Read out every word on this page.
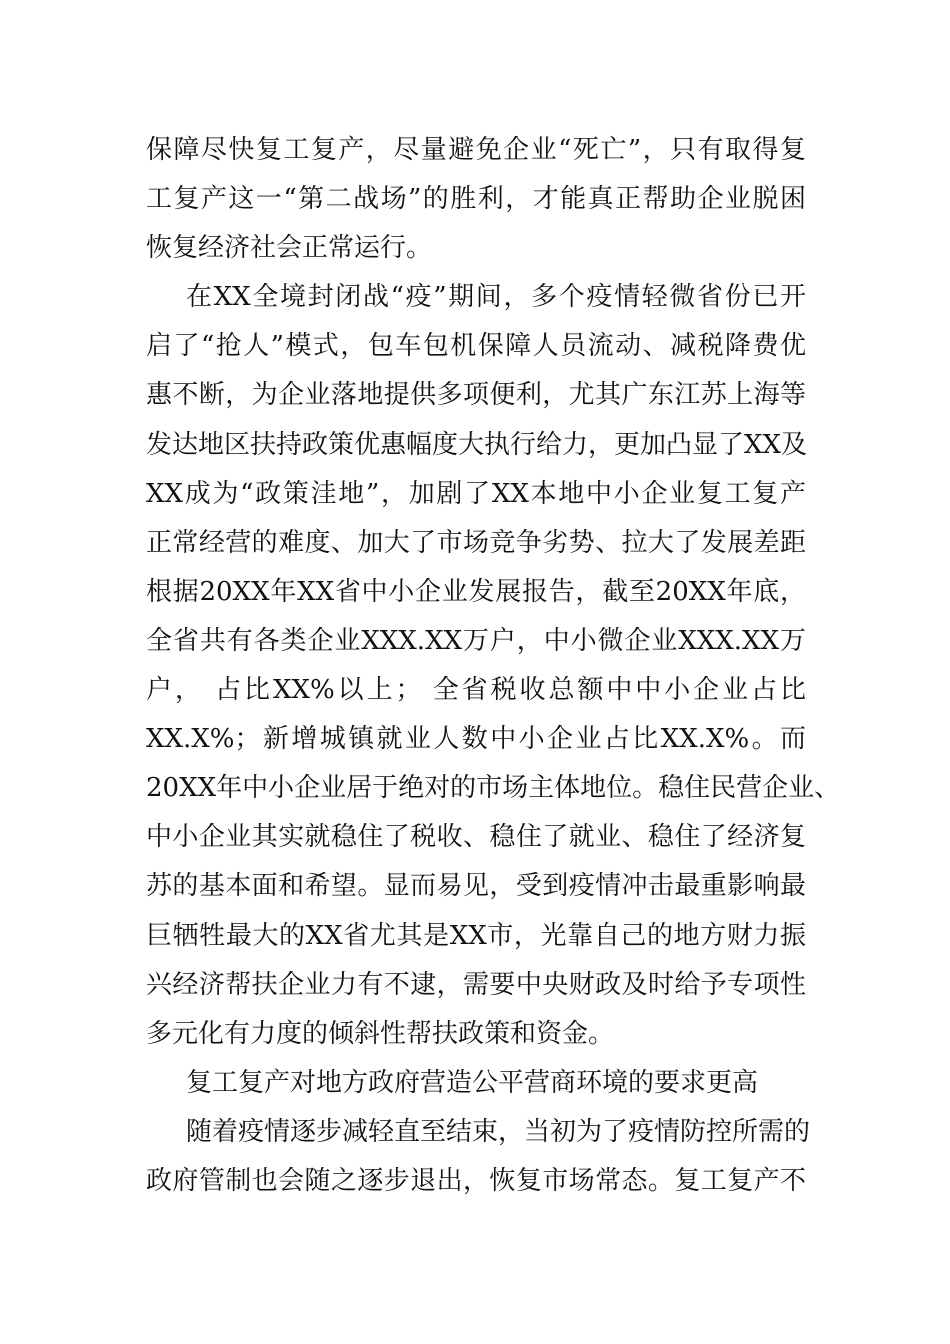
保障尽快复工复产，尽量避免企业“死亡”，只有取得复
工复产这一“第二战场”的胜利，才能真正帮助企业脱困
恢复经济社会正常运行。
在XX全境封闭战“疫”期间，多个疫情轻微省份已开
启了“抢人”模式，包车包机保障人员流动、减税降费优
惠不断，为企业落地提供多项便利，尤其广东江苏上海等
发达地区扶持政策优惠幅度大执行给力，更加凸显了XX及
XX成为“政策洼地”，加剧了XX本地中小企业复工复产
正常经营的难度、加大了市场竞争劣势、拉大了发展差距
根据20XX年XX省中小企业发展报告，截至20XX年底，
全省共有各类企业XXX.XX万户，中小微企业XXX.XX万
户， 占比XX%以上； 全省税收总额中中小企业占比
XX.X%；新增城镇就业人数中小企业占比XX.X%。而
20XX年中小企业居于绝对的市场主体地位。稳住民营企业、
中小企业其实就稳住了税收、稳住了就业、稳住了经济复
苏的基本面和希望。显而易见，受到疫情冲击最重影响最
巨牺牲最大的XX省尤其是XX市，光靠自己的地方财力振
兴经济帮扶企业力有不逮，需要中央财政及时给予专项性
多元化有力度的倾斜性帮扶政策和资金。
复工复产对地方政府营造公平营商环境的要求更高
随着疫情逐步减轻直至结束，当初为了疫情防控所需的
政府管制也会随之逐步退出，恢复市场常态。复工复产不
